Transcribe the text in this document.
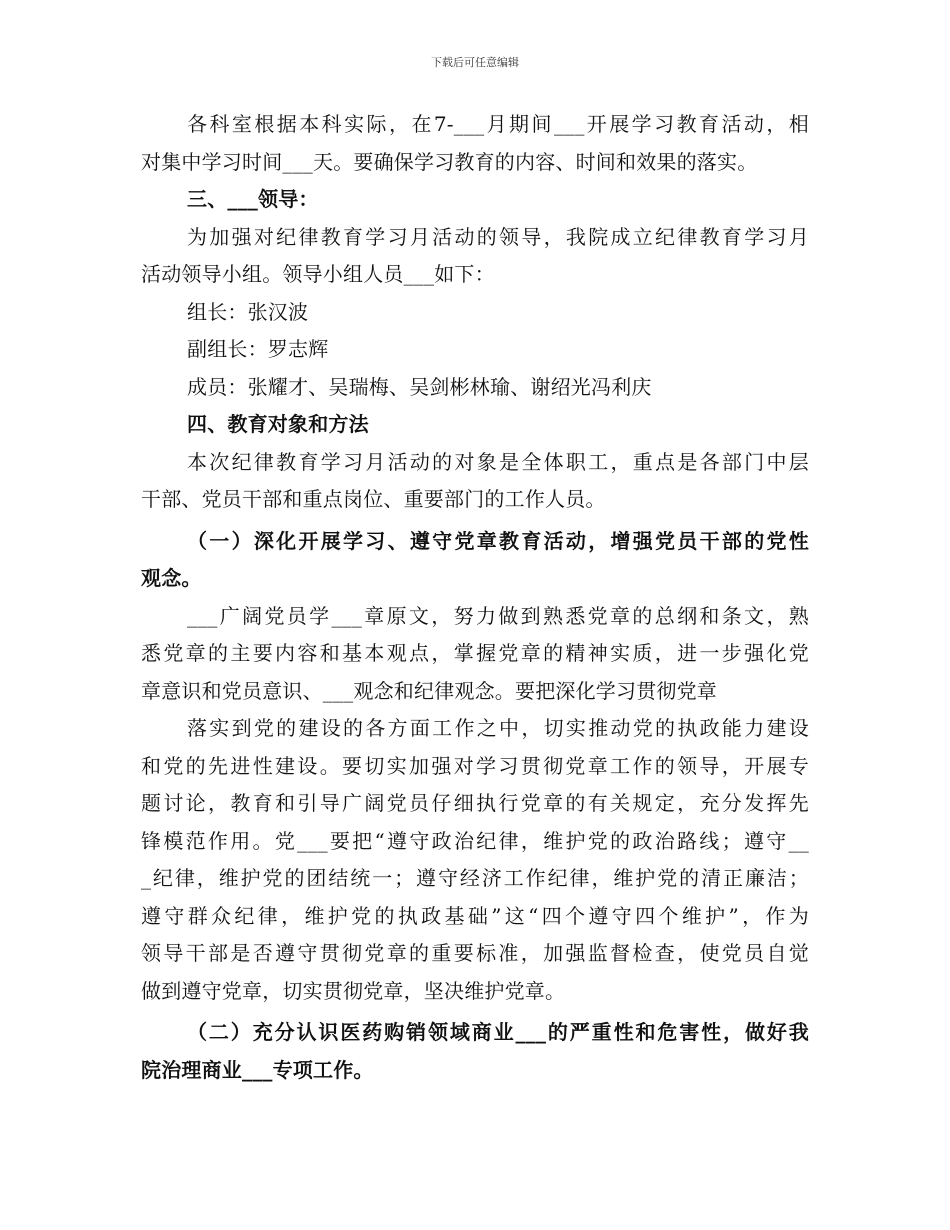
下载后可任意编辑
各科室根据本科实际，在7-___月期间___开展学习教育活动，相
对集中学习时间___天。要确保学习教育的内容、时间和效果的落实。
三、___领导：
为加强对纪律教育学习月活动的领导，我院成立纪律教育学习月
活动领导小组。领导小组人员___如下：
组长：张汉波
副组长：罗志辉
成员：张耀才、吴瑞梅、吴剑彬林瑜、谢绍光冯利庆
四、教育对象和方法
本次纪律教育学习月活动的对象是全体职工，重点是各部门中层
干部、党员干部和重点岗位、重要部门的工作人员。
（一）深化开展学习、遵守党章教育活动，增强党员干部的党性
观念。
___广阔党员学___章原文，努力做到熟悉党章的总纲和条文，熟
悉党章的主要内容和基本观点，掌握党章的精神实质，进一步强化党
章意识和党员意识、___观念和纪律观念。要把深化学习贯彻党章
落实到党的建设的各方面工作之中，切实推动党的执政能力建设
和党的先进性建设。要切实加强对学习贯彻党章工作的领导，开展专
题讨论，教育和引导广阔党员仔细执行党章的有关规定，充分发挥先
锋模范作用。党___要把“遵守政治纪律，维护党的政治路线；遵守__
_纪律，维护党的团结统一；遵守经济工作纪律，维护党的清正廉洁；
遵守群众纪律，维护党的执政基础”这“四个遵守四个维护”，作为
领导干部是否遵守贯彻党章的重要标准，加强监督检查，使党员自觉
做到遵守党章，切实贯彻党章，坚决维护党章。
（二）充分认识医药购销领域商业___的严重性和危害性，做好我
院治理商业___专项工作。
